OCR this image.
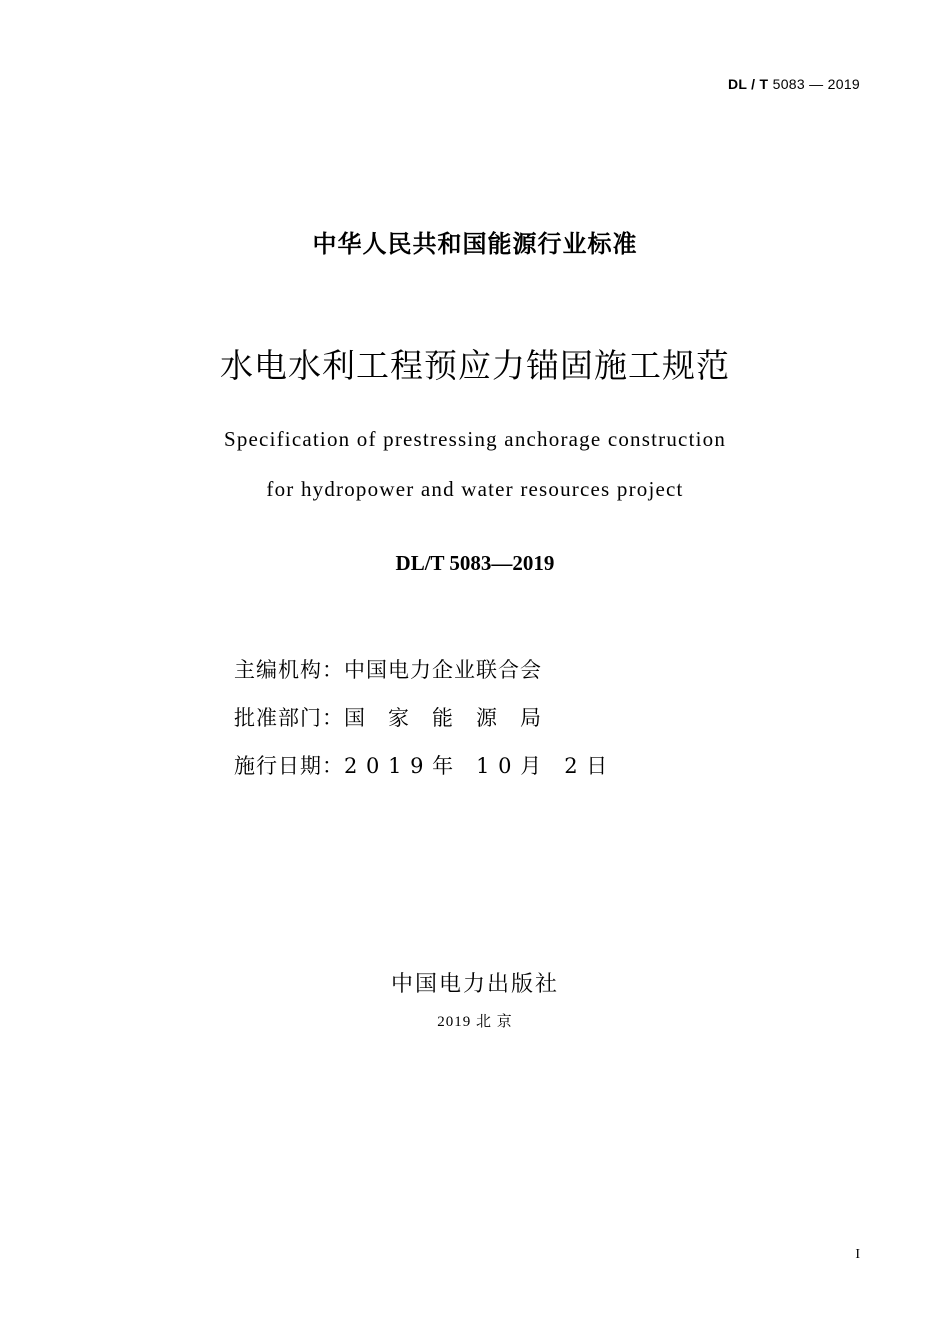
DL / T 5083 — 2019
中华人民共和国能源行业标准
水电水利工程预应力锚固施工规范
Specification of prestressing anchorage construction
for hydropower and water resources project
DL/T 5083—2019
主编机构：中国电力企业联合会
批准部门：国　家　能　源　局
施行日期：2 0 1 9 年　1 0 月　2 日
中国电力出版社
2019 北 京
I
